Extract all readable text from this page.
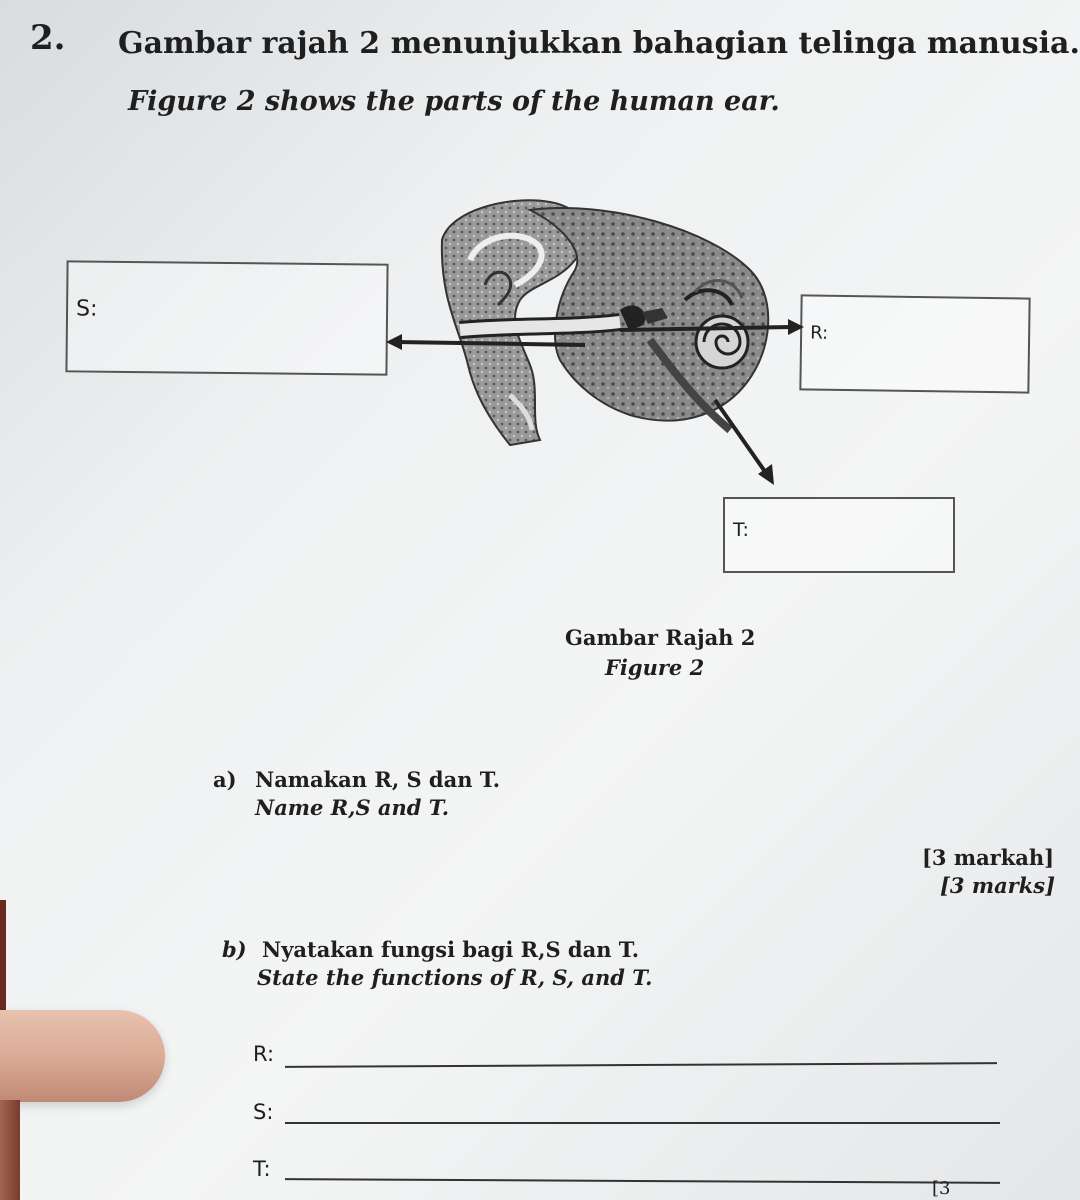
2. Gambar rajah 2 menunjukkan bahagian telinga manusia.
Figure 2 shows the parts of the human ear.
S:
R:
T:
Gambar Rajah 2
Figure 2
a) Namakan R, S dan T.
Name R,S and T.
[3 markah]
[3 marks]
b) Nyatakan fungsi bagi R,S dan T.
State the functions of R, S, and T.
R:
S:
T:
[3
